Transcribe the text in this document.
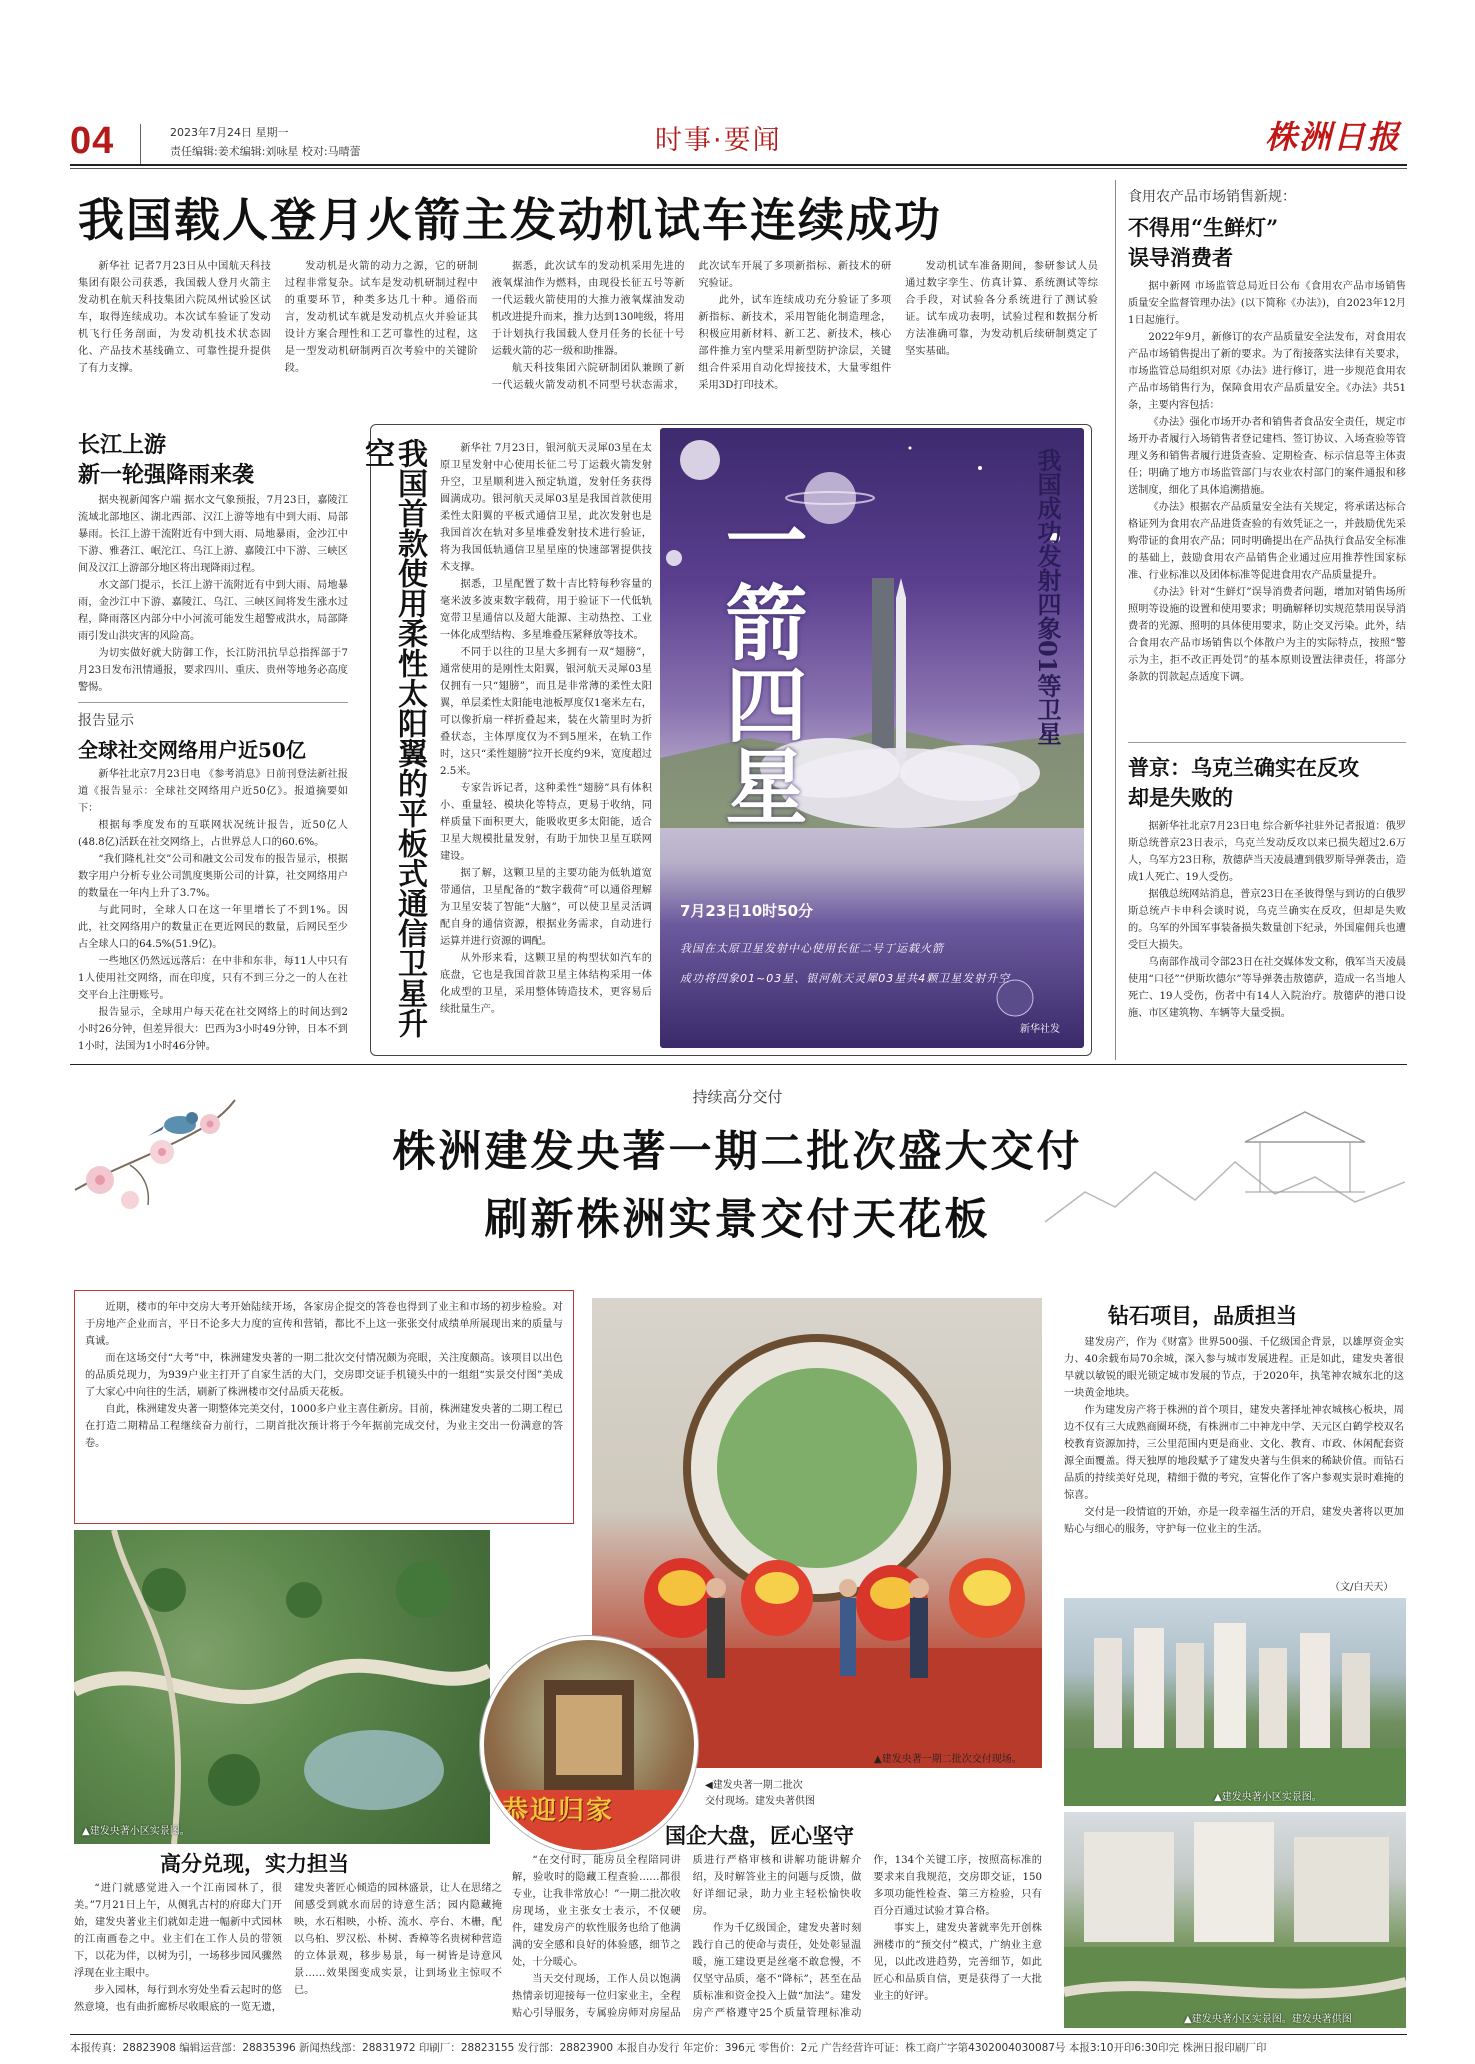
04	2023年7月24日 星期一
责任编辑:姜术编辑:刘咏星 校对:马晴蕾	时事·要闻	株洲日报
我国载人登月火箭主发动机试车连续成功

新华社 记者7月23日从中国航天科技集团有限公司获悉，我国载人登月火箭主发动机在航天科技集团六院凤州试验区试车，取得连续成功。本次试车验证了发动机飞行任务剖面，为发动机技术状态固化、产品技术基线确立、可靠性提升提供了有力支撑。

发动机是火箭的动力之源，它的研制过程非常复杂。试车是发动机研制过程中的重要环节，种类多达几十种。通俗而言，发动机试车就是发动机点火并验证其设计方案合理性和工艺可靠性的过程，这是一型发动机研制两百次考验中的关键阶段。

据悉，此次试车的发动机采用先进的液氧煤油作为燃料，由现役长征五号等新一代运载火箭使用的大推力液氧煤油发动机改进提升而来，推力达到130吨级，将用于计划执行我国载人登月任务的长征十号运载火箭的芯一级和助推器。

航天科技集团六院研制团队兼顾了新一代运载火箭发动机不同型号状态需求，此次试车开展了多项新指标、新技术的研究验证。

此外，试车连续成功充分验证了多项新指标、新技术，采用智能化制造理念，积极应用新材料、新工艺、新技术，核心部件推力室内壁采用新型防护涂层，关键组合件采用自动化焊接技术，大量零组件采用3D打印技术。

发动机试车准备期间，参研参试人员通过数字孪生、仿真计算、系统测试等综合手段，对试验各分系统进行了测试验证。试车成功表明，试验过程和数据分析方法准确可靠，为发动机后续研制奠定了坚实基础。

长江上游
新一轮强降雨来袭

据央视新闻客户端 据水文气象预报，7月23日，嘉陵江流域北部地区、湖北西部、汉江上游等地有中到大雨、局部暴雨。长江上游干流附近有中到大雨、局地暴雨，金沙江中下游、雅砻江、岷沱江、乌江上游、嘉陵江中下游、三峡区间及汉江上游部分地区将出现降雨过程。

水文部门提示，长江上游干流附近有中到大雨、局地暴雨，金沙江中下游、嘉陵江、乌江、三峡区间将发生涨水过程，降雨落区内部分中小河流可能发生超警戒洪水，局部降雨引发山洪灾害的风险高。

为切实做好就大防御工作，长江防汛抗旱总指挥部于7月23日发布汛情通报，要求四川、重庆、贵州等地务必高度警惕。

报告显示
全球社交网络用户近50亿

新华社北京7月23日电 《参考消息》日前刊登法新社报道《报告显示：全球社交网络用户近50亿》。报道摘要如下：

根据每季度发布的互联网状况统计报告，近50亿人(48.8亿)活跃在社交网络上，占世界总人口的60.6%。

“我们隆札社交”公司和融文公司发布的报告显示，根据数字用户分析专业公司凯度奥斯公司的计算，社交网络用户的数量在一年内上升了3.7%。

与此同时，全球人口在这一年里增长了不到1%。因此，社交网络用户的数量正在更近网民的数量，后网民至少占全球人口的64.5%(51.9亿)。

一些地区仍然远远落后：在中非和东非，每11人中只有1人使用社交网络，而在印度，只有不到三分之一的人在社交平台上注册账号。

报告显示，全球用户每天花在社交网络上的时间达到2小时26分钟，但差异很大：巴西为3小时49分钟，日本不到1小时，法国为1小时46分钟。

我国首款使用柔性太阳翼的平板式通信卫星升空	新华社 7月23日，银河航天灵犀03星在太原卫星发射中心使用长征二号丁运载火箭发射升空，卫星顺利进入预定轨道，发射任务获得圆满成功。银河航天灵犀03星是我国首款使用柔性太阳翼的平板式通信卫星，此次发射也是我国首次在轨对多星堆叠发射技术进行验证，将为我国低轨通信卫星星座的快速部署提供技术支撑。

据悉，卫星配置了数十吉比特每秒容量的毫米波多波束数字载荷，用于验证下一代低轨宽带卫星通信以及超大能源、主动热控、工业一体化成型结构、多星堆叠压紧释放等技术。

不同于以往的卫星大多拥有一双“翅膀”，通常使用的是刚性太阳翼，银河航天灵犀03星仅拥有一只“翅膀”，而且是非常薄的柔性太阳翼，单层柔性太阳能电池板厚度仅1毫米左右，可以像折扇一样折叠起来，装在火箭里时为折叠状态，主体厚度仅为不到5厘米，在轨工作时，这只“柔性翅膀”拉开长度约9米，宽度超过2.5米。

专家告诉记者，这种柔性“翅膀”具有体积小、重量轻、模块化等特点，更易于收纳，同样质量下面积更大，能吸收更多太阳能，适合卫星大规模批量发射，有助于加快卫星互联网建设。

据了解，这颗卫星的主要功能为低轨道宽带通信，卫星配备的“数字载荷”可以通俗理解为卫星安装了智能“大脑”，可以使卫星灵活调配自身的通信资源，根据业务需求，自动进行运算并进行资源的调配。

从外形来看，这颗卫星的构型状如汽车的底盘，它也是我国首款卫星主体结构采用一体化成型的卫星，采用整体铸造技术，更容易后续批量生产。

一箭四星	我国成功发射四象01等卫星
7月23日10时50分
我国在太原卫星发射中心使用长征二号丁运载火箭
成功将四象01~03星、银河航天灵犀03星共4颗卫星发射升空
新华社发
食用农产品市场销售新规：
不得用“生鲜灯”
误导消费者

据中新网 市场监管总局近日公布《食用农产品市场销售质量安全监督管理办法》(以下简称《办法》)，自2023年12月1日起施行。

2022年9月，新修订的农产品质量安全法发布，对食用农产品市场销售提出了新的要求。为了衔接落实法律有关要求，市场监管总局组织对原《办法》进行修订，进一步规范食用农产品市场销售行为，保障食用农产品质量安全。《办法》共51条，主要内容包括：

《办法》强化市场开办者和销售者食品安全责任，规定市场开办者履行入场销售者登记建档、签订协议、入场查验等管理义务和销售者履行进货查验、定期检查、标示信息等主体责任；明确了地方市场监管部门与农业农村部门的案件通报和移送制度，细化了具体追溯措施。

《办法》根据农产品质量安全法有关规定，将承诺达标合格证列为食用农产品进货查验的有效凭证之一，并鼓励优先采购带证的食用农产品；同时明确提出在产品执行食品安全标准的基础上，鼓励食用农产品销售企业通过应用推荐性国家标准、行业标准以及团体标准等促进食用农产品质量提升。

《办法》针对“生鲜灯”误导消费者问题，增加对销售场所照明等设施的设置和使用要求；明确解释切实规范禁用误导消费者的光源、照明的具体使用要求，防止交叉污染。此外，结合食用农产品市场销售以个体散户为主的实际特点，按照“警示为主，拒不改正再处罚”的基本原则设置法律责任，将部分条款的罚款起点适度下调。

普京：乌克兰确实在反攻
却是失败的

据新华社北京7月23日电 综合新华社驻外记者报道：俄罗斯总统普京23日表示，乌克兰发动反攻以来已损失超过2.6万人，乌军方23日称，敖德萨当天凌晨遭到俄罗斯导弹袭击，造成1人死亡、19人受伤。

据俄总统网站消息，普京23日在圣彼得堡与到访的白俄罗斯总统卢卡申科会谈时说，乌克兰确实在反攻，但却是失败的。乌军的外国军事装备损失数量创下纪录，外国雇佣兵也遭受巨大损失。

乌南部作战司令部23日在社交媒体发文称，俄军当天凌晨使用“口径”“伊斯坎德尔”等导弹袭击敖德萨，造成一名当地人死亡、19人受伤，伤者中有14人入院治疗。敖德萨的港口设施、市区建筑物、车辆等大量受损。

持续高分交付
株洲建发央著一期二批次盛大交付
刷新株洲实景交付天花板

近期，楼市的年中交房大考开始陆续开场，各家房企提交的答卷也得到了业主和市场的初步检验。对于房地产企业而言，平日不论多大力度的宣传和营销，都比不上这一张张交付成绩单所展现出来的质量与真诚。

而在这场交付“大考”中，株洲建发央著的一期二批次交付情况颇为亮眼，关注度颇高。该项目以出色的品质兑现力，为939户业主打开了自家生活的大门，交房即交证手机镜头中的一组组“实景交付图”美成了大家心中向往的生活，刷新了株洲楼市交付品质天花板。

自此，株洲建发央著一期整体完美交付，1000多户业主喜住新房。目前，株洲建发央著的二期工程已在打造二期精品工程继续奋力前行，二期首批次预计将于今年据前完成交付，为业主交出一份满意的答卷。

▲建发央著小区实景图。
▲建发央著一期二批次交付现场。
恭迎归家
◀建发央著一期二批次
交付现场。建发央著供图
高分兑现，实力担当
国企大盘，匠心坚守

“进门就感觉进入一个江南园林了，很美。”7月21日上午，从侧乳古村的府邸大门开始，建发央著业主们就如走进一幅新中式园林的江南画卷之中。业主们在工作人员的带领下，以花为伴，以树为引，一场移步园风骤然浮现在业主眼中。

步入园林，每行到水穷处坐看云起时的悠然意境，也有曲折廊桥尽收眼底的一览无遗，建发央著匠心倾造的园林盛景，让人在思绪之间感受到就水而居的诗意生活；园内隐藏掩映，水石相映，小桥、流水、亭台、木栅，配以乌桕、罗汉松、朴树、香樟等名贵树种营造的立体景观，移步易景，每一树皆是诗意风景……效果图变成实景，让到场业主惊叹不已。

“在交付时，能房员全程陪同讲解，验收时的隐藏工程查验……都很专业，让我非常放心！”一期二批次收房现场，业主张女士表示，不仅硬件，建发房产的软性服务也给了他满满的安全感和良好的体验感，细节之处，十分暖心。

当天交付现场，工作人员以饱满热情亲切迎接每一位归家业主，全程贴心引导服务，专属验房师对房屋品质进行严格审核和讲解功能讲解介绍，及时解答业主的问题与反馈，做好详细记录，助力业主轻松愉快收房。

作为千亿级国企，建发央著时刻践行自己的使命与责任，处处彰显温暖，施工建设更是丝毫不敢怠慢，不仅坚守品质，毫不“降标”，甚至在品质标准和资金投入上做“加法”。建发房产严格遵守25个质量管理标准动作，134个关键工序，按照高标准的要求来自我规范，交房即交证，150多项功能性检查、第三方检验，只有百分百通过试验才算合格。

事实上，建发央著就率先开创株洲楼市的“预交付”模式，广纳业主意见，以此改进趋势，完善细节，如此匠心和品质自信，更是获得了一大批业主的好评。

钻石项目，品质担当

建发房产，作为《财富》世界500强、千亿级国企背景，以雄厚资金实力、40余载布局70余城，深入参与城市发展进程。正是如此，建发央著很早就以敏锐的眼光锁定城市发展的节点，于2020年，执笔神农城东北的这一块黄金地块。

作为建发房产将于株洲的首个项目，建发央著择址神农城核心板块，周边不仅有三大成熟商圈环绕，有株洲市二中神龙中学、天元区白鹤学校双名校教育资源加持，三公里范围内更是商业、文化、教育、市政、休闲配套资源全面覆盖。得天独厚的地段赋予了建发央著与生俱来的稀缺价值。而钻石品质的持续美好兑现，精细于微的考究，宣誓化作了客户参观实景时难掩的惊喜。

交付是一段情谊的开始，亦是一段幸福生活的开启，建发央著将以更加贴心与细心的服务，守护每一位业主的生活。

（文/白天天）
▲建发央著小区实景图。
▲建发央著小区实景图。建发央著供图
本报传真：28823908 编辑运营部：28835396 新闻热线部：28831972 印刷厂：28823155 发行部：28823900 本报自办发行 年定价：396元 零售价：2元 广告经营许可证：株工商广字第4302004030087号 本报3:10开印6:30印完 株洲日报印刷厂印
